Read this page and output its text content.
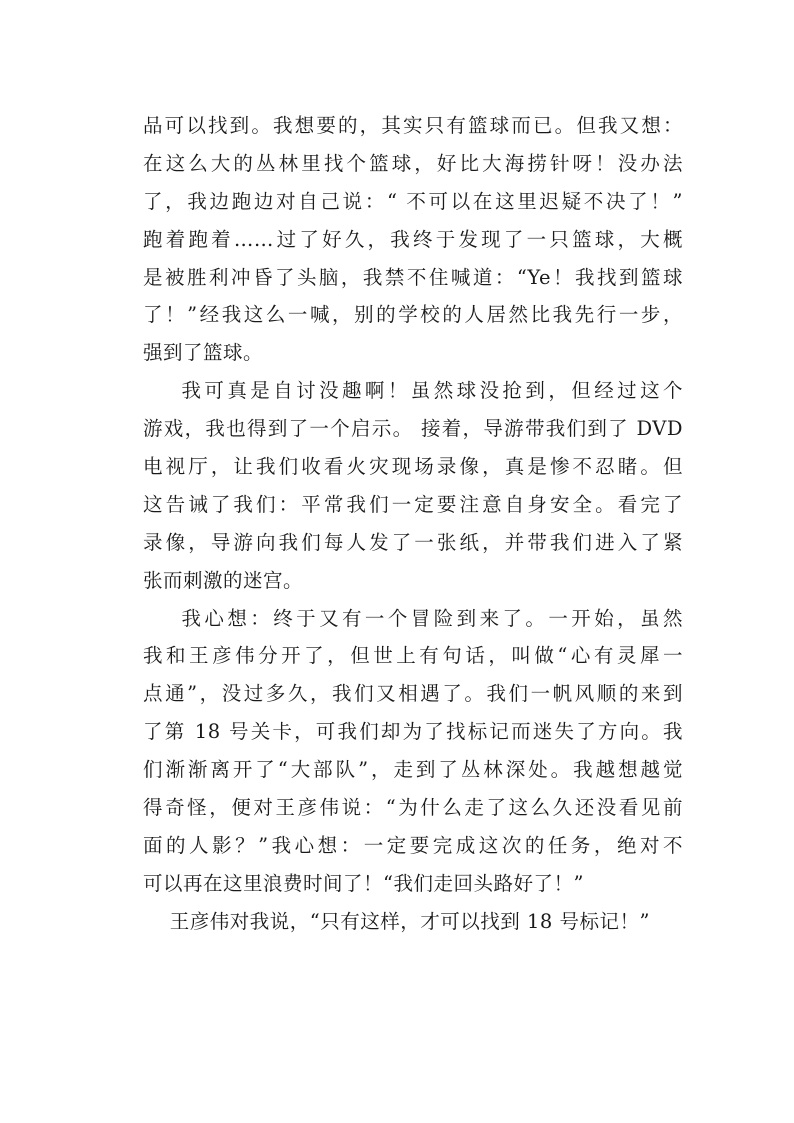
品可以找到。我想要的，其实只有篮球而已。但我又想：
在这么大的丛林里找个篮球，好比大海捞针呀！没办法
了，我边跑边对自己说：“ 不可以在这里迟疑不决了！”
跑着跑着……过了好久，我终于发现了一只篮球，大概
是被胜利冲昏了头脑，我禁不住喊道：“Ye！我找到篮球
了！”经我这么一喊，别的学校的人居然比我先行一步，
强到了篮球。
我可真是自讨没趣啊！虽然球没抢到，但经过这个
游戏，我也得到了一个启示。 接着，导游带我们到了 DVD
电视厅，让我们收看火灾现场录像，真是惨不忍睹。但
这告诫了我们：平常我们一定要注意自身安全。看完了
录像，导游向我们每人发了一张纸，并带我们进入了紧
张而刺激的迷宫。
我心想：终于又有一个冒险到来了。一开始，虽然
我和王彦伟分开了，但世上有句话，叫做“心有灵犀一
点通”，没过多久，我们又相遇了。我们一帆风顺的来到
了第 18 号关卡，可我们却为了找标记而迷失了方向。我
们渐渐离开了“大部队”，走到了丛林深处。我越想越觉
得奇怪，便对王彦伟说：“为什么走了这么久还没看见前
面的人影？”我心想：一定要完成这次的任务，绝对不
可以再在这里浪费时间了！“我们走回头路好了！”
王彦伟对我说，“只有这样，才可以找到 18 号标记！”
